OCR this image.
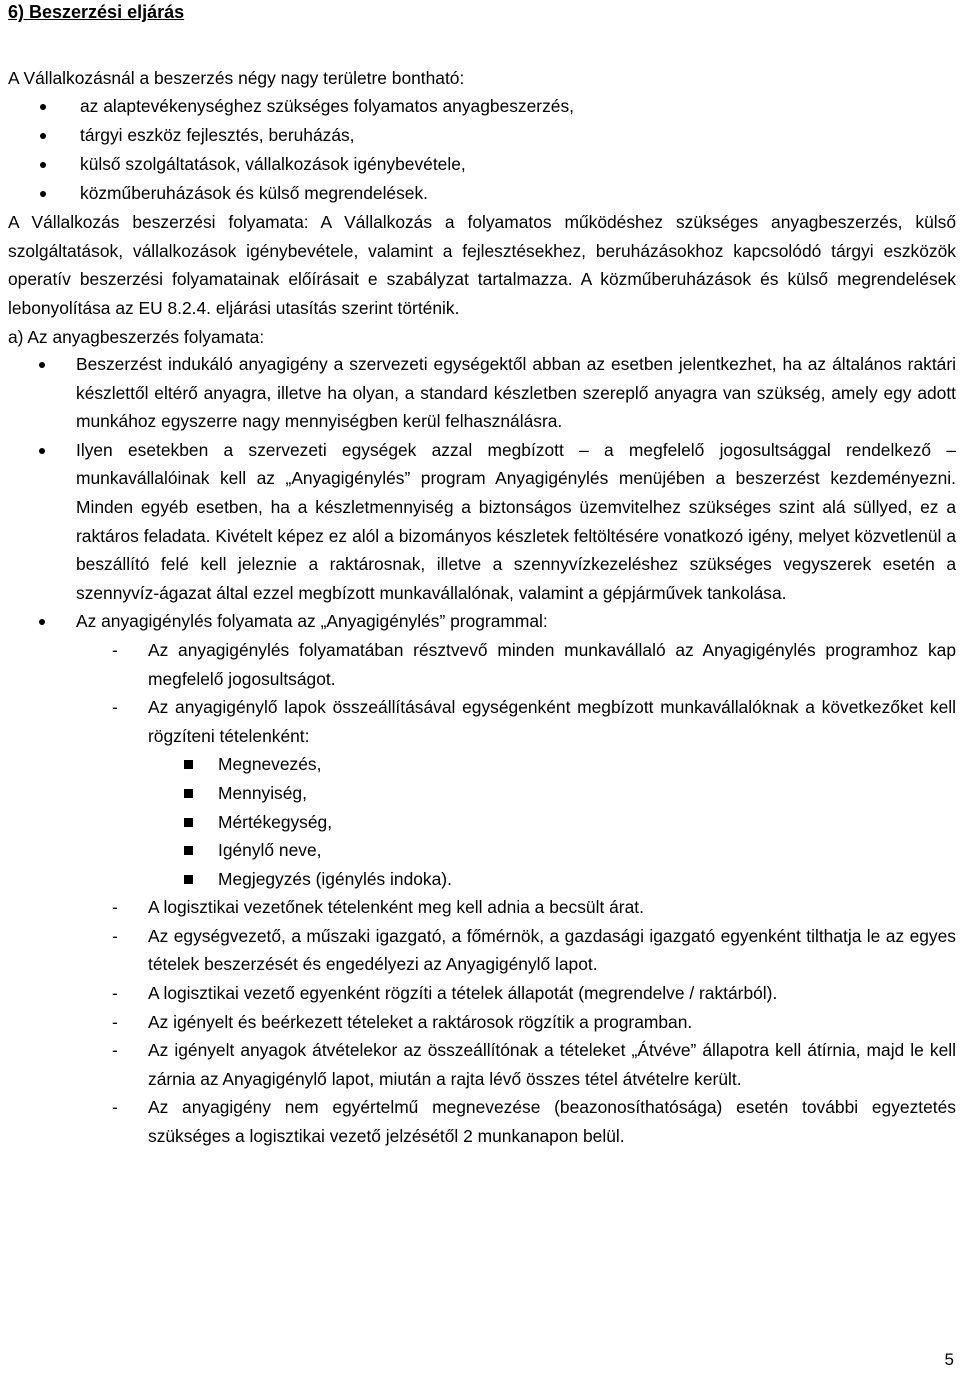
6) Beszerzési eljárás
A Vállalkozásnál a beszerzés négy nagy területre bontható:
az alaptevékenységhez szükséges folyamatos anyagbeszerzés,
tárgyi eszköz fejlesztés, beruházás,
külső szolgáltatások, vállalkozások igénybevétele,
közműberuházások és külső megrendelések.
A Vállalkozás beszerzési folyamata: A Vállalkozás a folyamatos működéshez szükséges anyagbeszerzés, külső szolgáltatások, vállalkozások igénybevétele, valamint a fejlesztésekhez, beruházásokhoz kapcsolódó tárgyi eszközök operatív beszerzési folyamatainak előírásait e szabályzat tartalmazza. A közműberuházások és külső megrendelések lebonyolítása az EU 8.2.4. eljárási utasítás szerint történik.
a) Az anyagbeszerzés folyamata:
Beszerzést indukáló anyagigény a szervezeti egységektől abban az esetben jelentkezhet, ha az általános raktári készlettől eltérő anyagra, illetve ha olyan, a standard készletben szereplő anyagra van szükség, amely egy adott munkához egyszerre nagy mennyiségben kerül felhasználásra.
Ilyen esetekben a szervezeti egységek azzal megbízott – a megfelelő jogosultsággal rendelkező – munkavállalóinak kell az „Anyagigénylés” program Anyagigénylés menüjében a beszerzést kezdeményezni. Minden egyéb esetben, ha a készletmennyiség a biztonságos üzemvitelhez szükséges szint alá süllyed, ez a raktáros feladata. Kivételt képez ez alól a bizományos készletek feltöltésére vonatkozó igény, melyet közvetlenül a beszállító felé kell jeleznie a raktárosnak, illetve a szennyvízkezeléshez szükséges vegyszerek esetén a szennyvíz-ágazat által ezzel megbízott munkavállalónak, valamint a gépjárművek tankolása.
Az anyagigénylés folyamata az „Anyagigénylés” programmal:
- Az anyagigénylés folyamatában résztvevő minden munkavállaló az Anyagigénylés programhoz kap megfelelő jogosultságot.
- Az anyagigénylő lapok összeállításával egységenként megbízott munkavállalóknak a következőket kell rögzíteni tételenként:
Megnevezés,
Mennyiség,
Mértékegység,
Igénylő neve,
Megjegyzés (igénylés indoka).
- A logisztikai vezetőnek tételenként meg kell adnia a becsült árat.
- Az egységvezető, a műszaki igazgató, a főmérnök, a gazdasági igazgató egyenként tilthatja le az egyes tételek beszerzését és engedélyezi az Anyagigénylő lapot.
- A logisztikai vezető egyenként rögzíti a tételek állapotát (megrendelve / raktárból).
- Az igényelt és beérkezett tételeket a raktárosok rögzítik a programban.
- Az igényelt anyagok átvételekor az összeállítónak a tételeket „Átvéve” állapotra kell átírnia, majd le kell zárnia az Anyagigénylő lapot, miután a rajta lévő összes tétel átvételre került.
- Az anyagigény nem egyértelmű megnevezése (beazonosíthatósága) esetén további egyeztetés szükséges a logisztikai vezető jelzésétől 2 munkanapon belül.
5
